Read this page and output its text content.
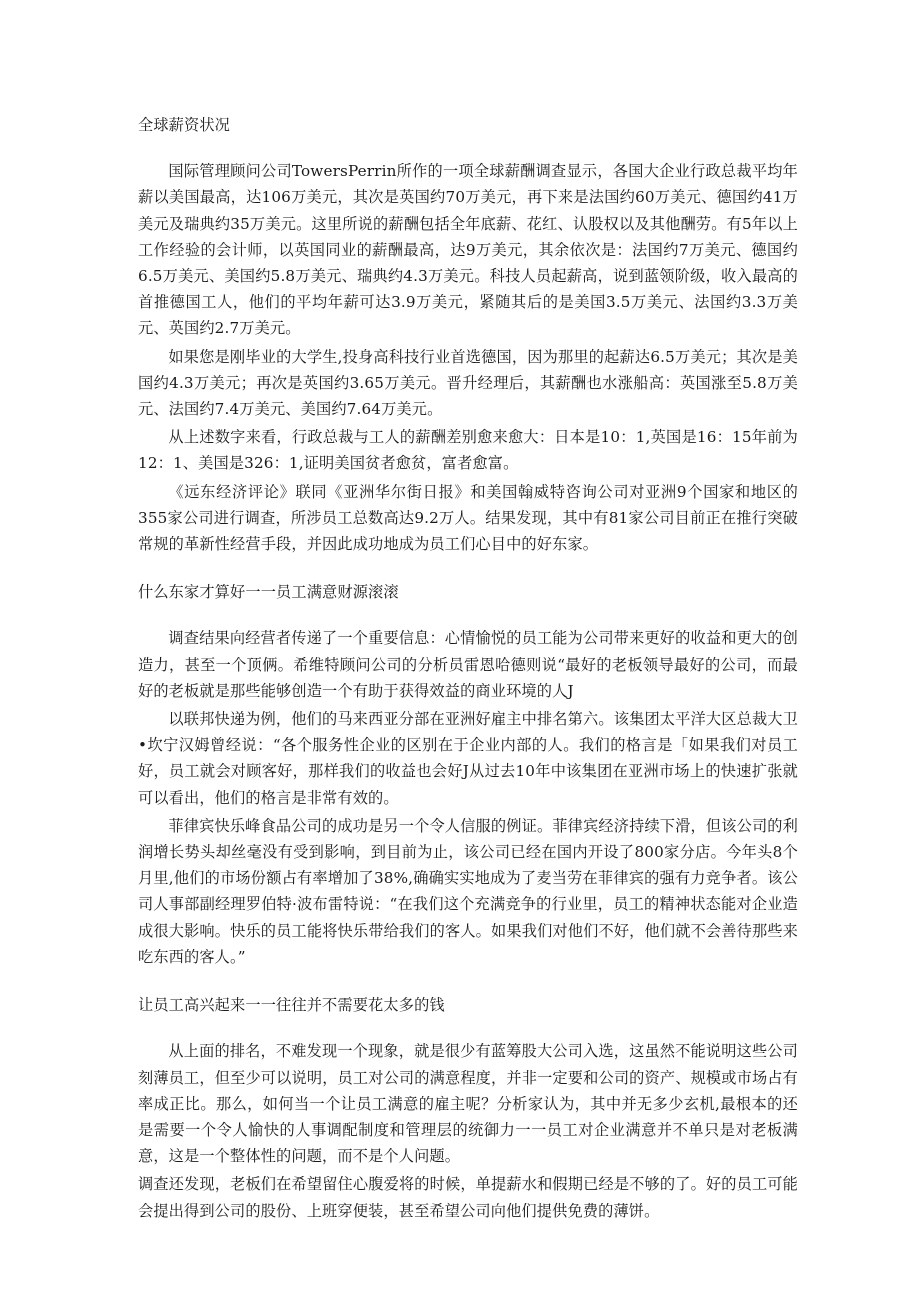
全球薪资状况

国际管理顾问公司TowersPerrin所作的一项全球薪酬调查显示，各国大企业行政总裁平均年薪以美国最高，达106万美元，其次是英国约70万美元，再下来是法国约60万美元、德国约41万美元及瑞典约35万美元。这里所说的薪酬包括全年底薪、花红、认股权以及其他酬劳。有5年以上工作经验的会计师，以英国同业的薪酬最高，达9万美元，其余依次是：法国约7万美元、德国约6.5万美元、美国约5.8万美元、瑞典约4.3万美元。科技人员起薪高，说到蓝领阶级，收入最高的首推德国工人，他们的平均年薪可达3.9万美元，紧随其后的是美国3.5万美元、法国约3.3万美元、英国约2.7万美元。

如果您是刚毕业的大学生,投身高科技行业首选德国，因为那里的起薪达6.5万美元；其次是美国约4.3万美元；再次是英国约3.65万美元。晋升经理后，其薪酬也水涨船高：英国涨至5.8万美元、法国约7.4万美元、美国约7.64万美元。

从上述数字来看，行政总裁与工人的薪酬差别愈来愈大：日本是10：1,英国是16：15年前为12：1、美国是326：1,证明美国贫者愈贫，富者愈富。

《远东经济评论》联同《亚洲华尔街日报》和美国翰威特咨询公司对亚洲9个国家和地区的355家公司进行调查，所涉员工总数高达9.2万人。结果发现，其中有81家公司目前正在推行突破常规的革新性经营手段，并因此成功地成为员工们心目中的好东家。

什么东家才算好一一员工满意财源滚滚

调查结果向经营者传递了一个重要信息：心情愉悦的员工能为公司带来更好的收益和更大的创造力，甚至一个顶俩。希维特顾问公司的分析员雷恩哈德则说“最好的老板领导最好的公司，而最好的老板就是那些能够创造一个有助于获得效益的商业环境的人J

以联邦快递为例，他们的马来西亚分部在亚洲好雇主中排名第六。该集团太平洋大区总裁大卫•坎宁汉姆曾经说：“各个服务性企业的区别在于企业内部的人。我们的格言是「如果我们对员工好，员工就会对顾客好，那样我们的收益也会好J从过去10年中该集团在亚洲市场上的快速扩张就可以看出，他们的格言是非常有效的。

菲律宾快乐峰食品公司的成功是另一个令人信服的例证。菲律宾经济持续下滑，但该公司的利润增长势头却丝毫没有受到影响，到目前为止，该公司已经在国内开设了800家分店。今年头8个月里,他们的市场份额占有率增加了38%,确确实实地成为了麦当劳在菲律宾的强有力竞争者。该公司人事部副经理罗伯特·波布雷特说：“在我们这个充满竞争的行业里，员工的精神状态能对企业造成很大影响。快乐的员工能将快乐带给我们的客人。如果我们对他们不好，他们就不会善待那些来吃东西的客人。”

让员工高兴起来一一往往并不需要花太多的钱

从上面的排名，不难发现一个现象，就是很少有蓝筹股大公司入选，这虽然不能说明这些公司刻薄员工，但至少可以说明，员工对公司的满意程度，并非一定要和公司的资产、规模或市场占有率成正比。那么，如何当一个让员工满意的雇主呢？分析家认为，其中并无多少玄机,最根本的还是需要一个令人愉快的人事调配制度和管理层的统御力一一员工对企业满意并不单只是对老板满意，这是一个整体性的问题，而不是个人问题。

调查还发现，老板们在希望留住心腹爱将的时候，单提薪水和假期已经是不够的了。好的员工可能会提出得到公司的股份、上班穿便装，甚至希望公司向他们提供免费的薄饼。
